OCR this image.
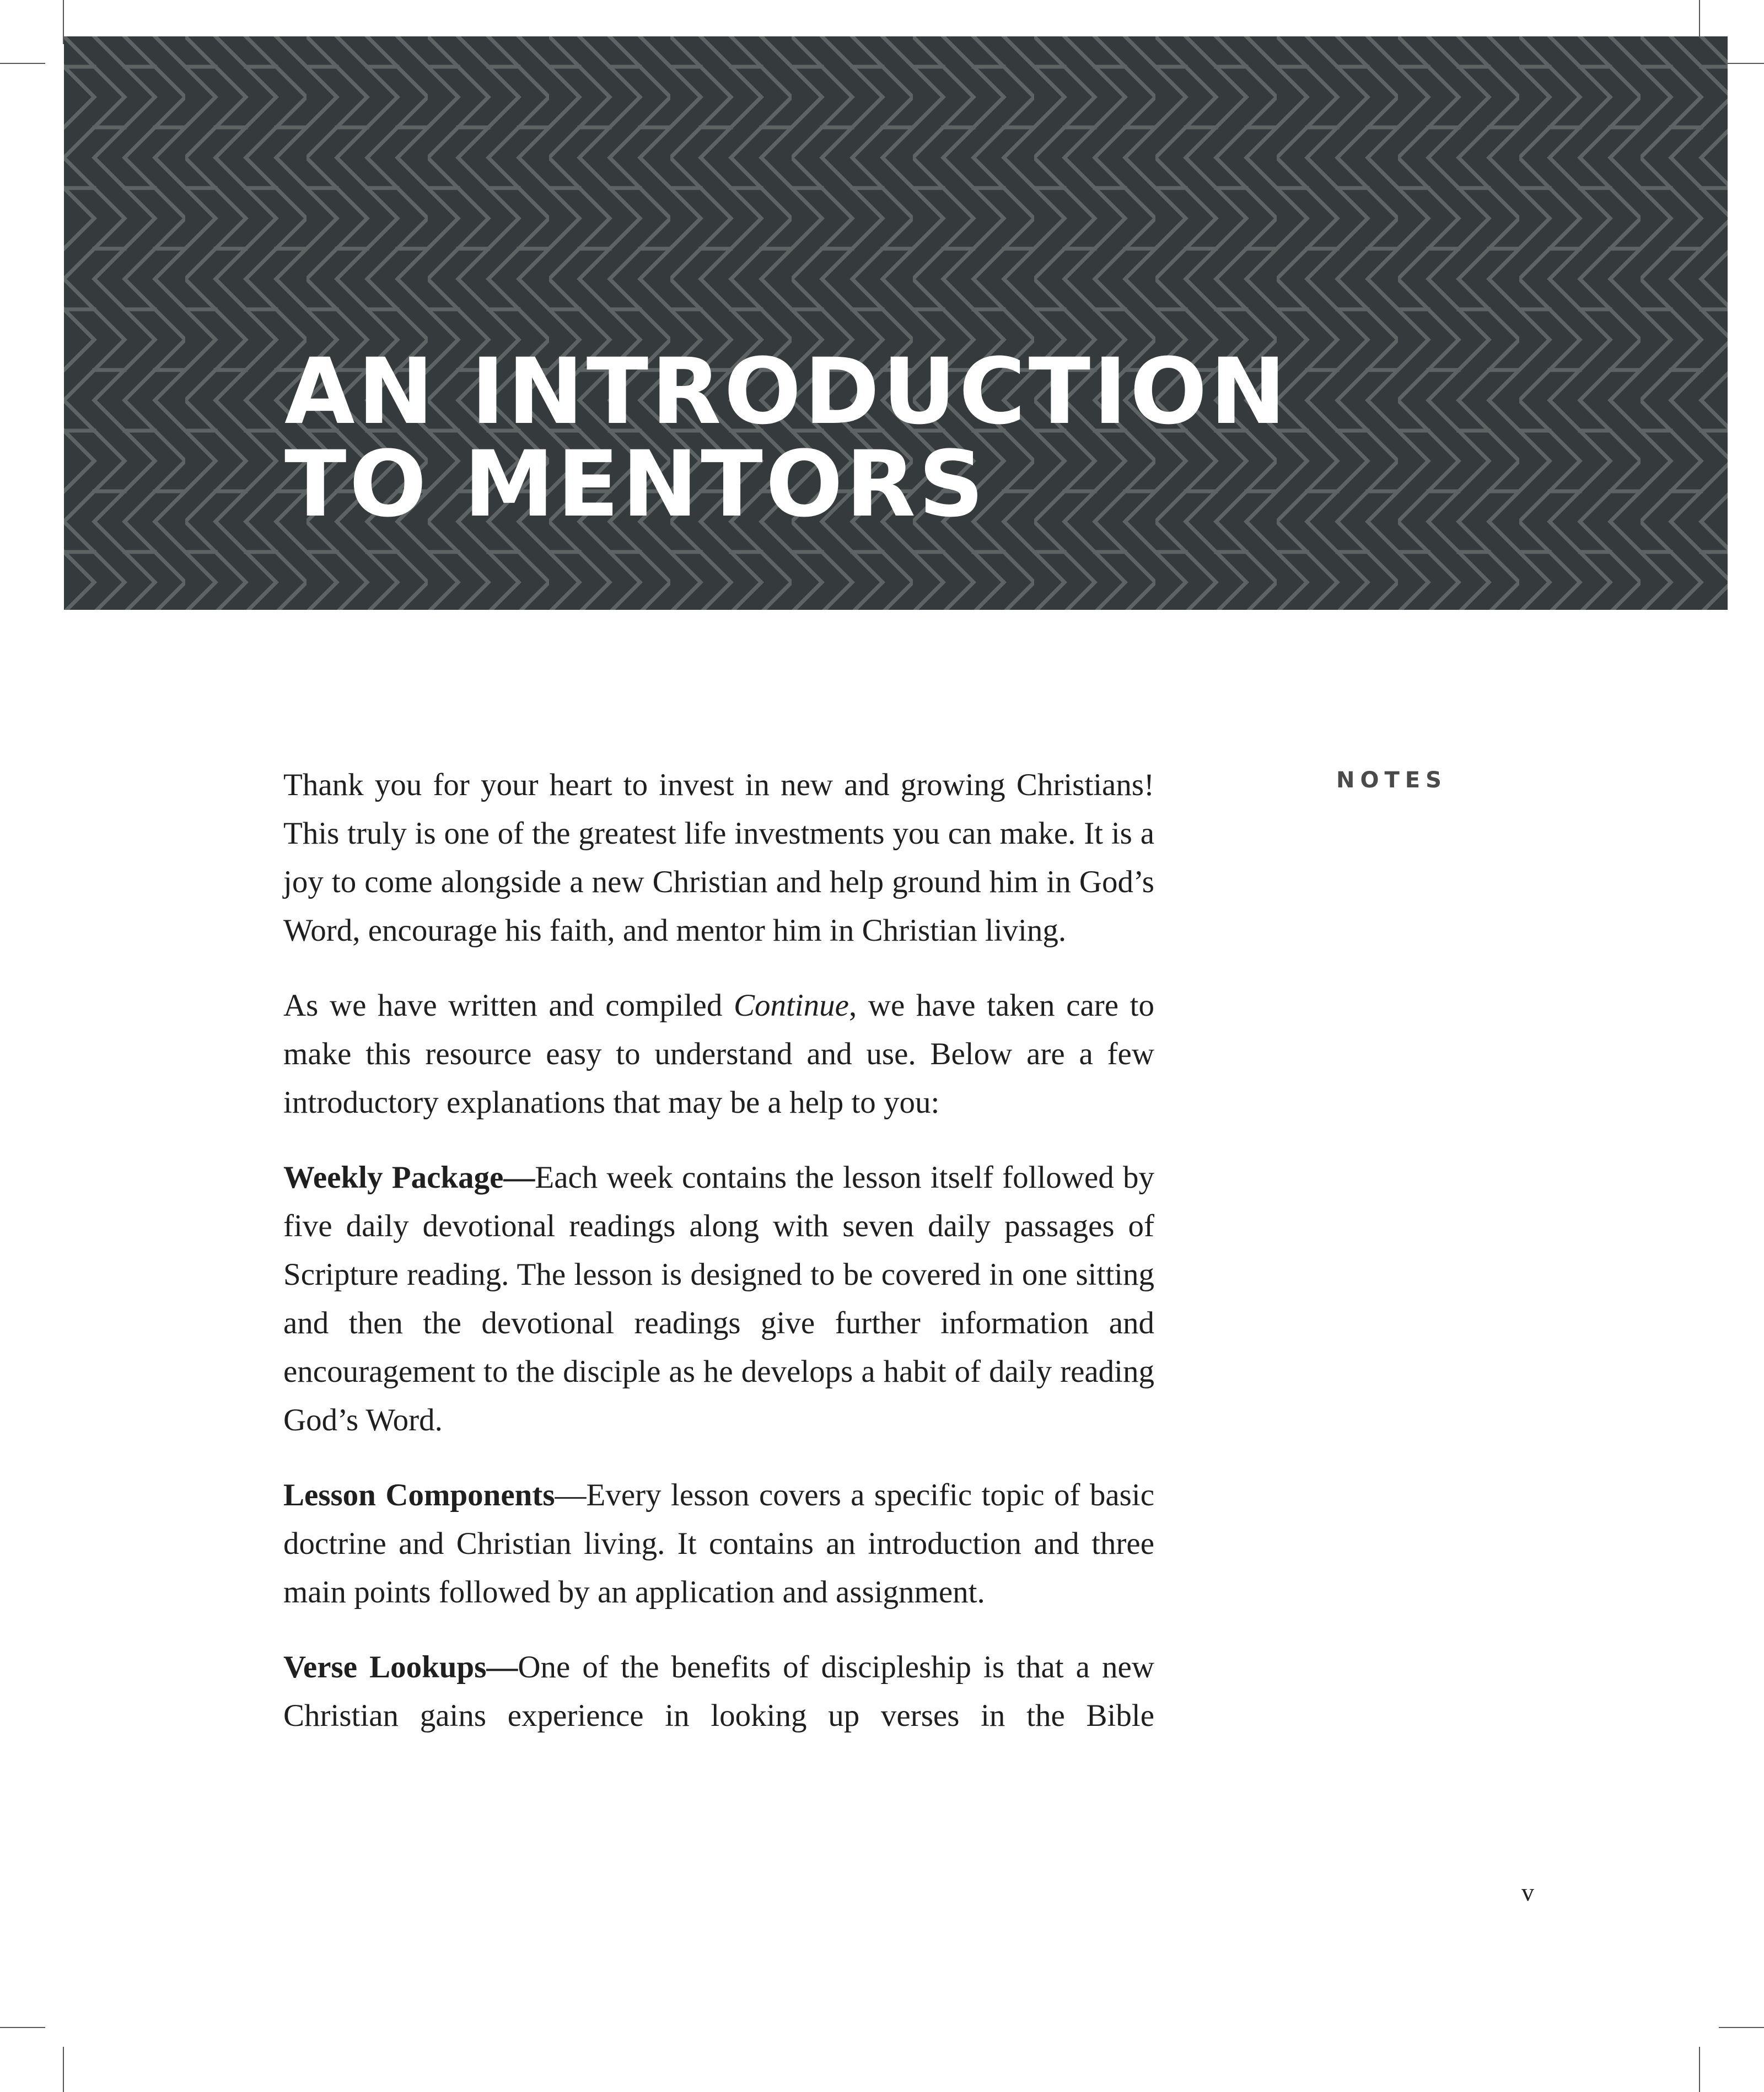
AN INTRODUCTION
TO MENTORS
NOTES

Thank you for your heart to invest in new and growing Christians! This truly is one of the greatest life investments you can make. It is a joy to come alongside a new Christian and help ground him in God’s Word, encourage his faith, and mentor him in Christian living.

As we have written and compiled Continue, we have taken care to make this resource easy to understand and use. Below are a few introductory explanations that may be a help to you:

Weekly Package—Each week contains the lesson itself followed by five daily devotional readings along with seven daily passages of Scripture reading. The lesson is designed to be covered in one sitting and then the devotional readings give further information and encouragement to the disciple as he develops a habit of daily reading God’s Word.

Lesson Components—Every lesson covers a specific topic of basic doctrine and Christian living. It contains an introduction and three main points followed by an application and assignment.

Verse Lookups—One of the benefits of discipleship is that a new Christian gains experience in looking up verses in the Bible

v
